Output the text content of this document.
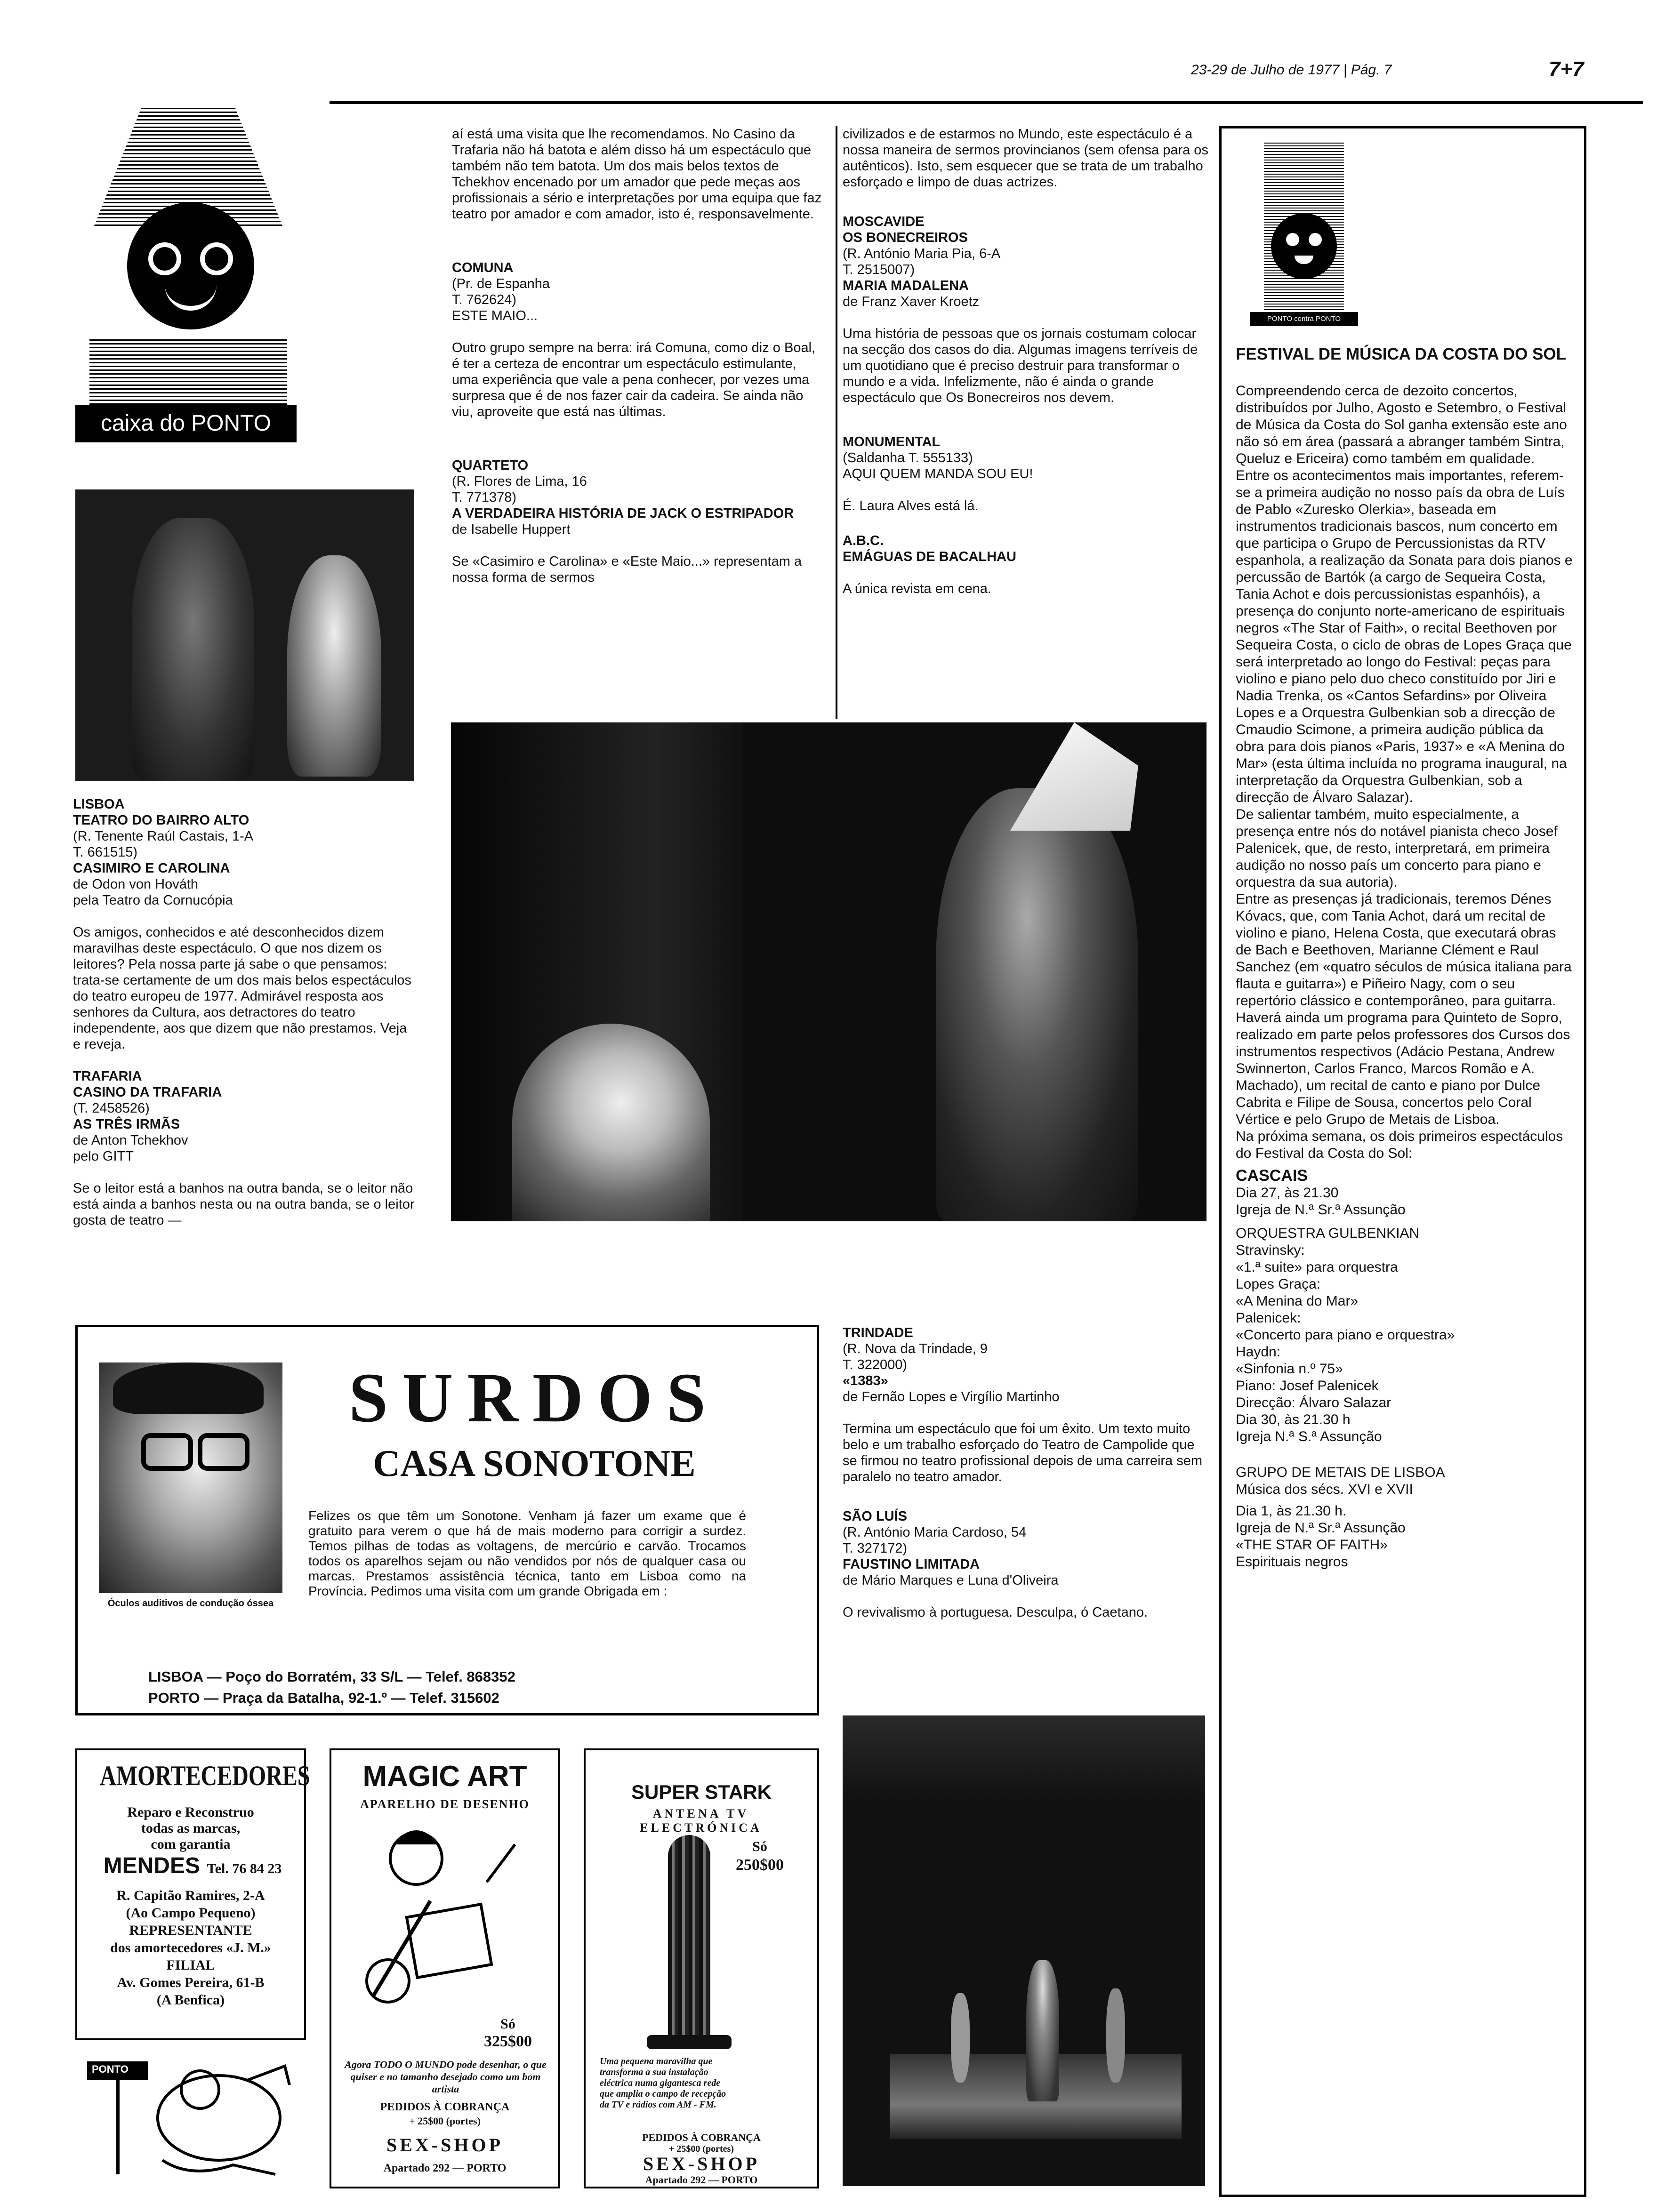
23-29 de Julho de 1977 | Pág. 7	7+7
caixa do PONTO
LISBOA
TEATRO DO BAIRRO ALTO
(R. Tenente Raúl Castais, 1-A
T. 661515)
CASIMIRO E CAROLINA
de Odon von Hováth
pela Teatro da Cornucópia

Os amigos, conhecidos e até desconhecidos dizem maravilhas deste espectáculo. O que nos dizem os leitores? Pela nossa parte já sabe o que pensamos: trata-se certamente de um dos mais belos espectáculos do teatro europeu de 1977. Admirável resposta aos senhores da Cultura, aos detractores do teatro independente, aos que dizem que não prestamos. Veja e reveja.

TRAFARIA
CASINO DA TRAFARIA
(T. 2458526)
AS TRÊS IRMÃS
de Anton Tchekhov
pelo GITT

Se o leitor está a banhos na outra banda, se o leitor não está ainda a banhos nesta ou na outra banda, se o leitor gosta de teatro —

aí está uma visita que lhe recomendamos. No Casino da Trafaria não há batota e além disso há um espectáculo que também não tem batota. Um dos mais belos textos de Tchekhov encenado por um amador que pede meças aos profissionais a sério e interpretações por uma equipa que faz teatro por amador e com amador, isto é, responsavelmente.

COMUNA
(Pr. de Espanha
T. 762624)
ESTE MAIO...

Outro grupo sempre na berra: irá Comuna, como diz o Boal, é ter a certeza de encontrar um espectáculo estimulante, uma experiência que vale a pena conhecer, por vezes uma surpresa que é de nos fazer cair da cadeira. Se ainda não viu, aproveite que está nas últimas.

QUARTETO
(R. Flores de Lima, 16
T. 771378)
A VERDADEIRA HISTÓRIA DE JACK O ESTRIPADOR
de Isabelle Huppert

Se «Casimiro e Carolina» e «Este Maio...» representam a nossa forma de sermos

civilizados e de estarmos no Mundo, este espectáculo é a nossa maneira de sermos provincianos (sem ofensa para os autênticos). Isto, sem esquecer que se trata de um trabalho esforçado e limpo de duas actrizes.

MOSCAVIDE
OS BONECREIROS
(R. António Maria Pia, 6-A
T. 2515007)
MARIA MADALENA
de Franz Xaver Kroetz

Uma história de pessoas que os jornais costumam colocar na secção dos casos do dia. Algumas imagens terríveis de um quotidiano que é preciso destruir para transformar o mundo e a vida. Infelizmente, não é ainda o grande espectáculo que Os Bonecreiros nos devem.

MONUMENTAL
(Saldanha T. 555133)
AQUI QUEM MANDA SOU EU!

É. Laura Alves está lá.

A.B.C.
EMÁGUAS DE BACALHAU

A única revista em cena.

TRINDADE
(R. Nova da Trindade, 9
T. 322000)
«1383»
de Fernão Lopes e Virgílio Martinho

Termina um espectáculo que foi um êxito. Um texto muito belo e um trabalho esforçado do Teatro de Campolide que se firmou no teatro profissional depois de uma carreira sem paralelo no teatro amador.

SÃO LUÍS
(R. António Maria Cardoso, 54
T. 327172)
FAUSTINO LIMITADA
de Mário Marques e Luna d'Oliveira

O revivalismo à portuguesa. Desculpa, ó Caetano.

PONTO contra PONTO
FESTIVAL DE MÚSICA DA COSTA DO SOL
Compreendendo cerca de dezoito concertos, distribuídos por Julho, Agosto e Setembro, o Festival de Música da Costa do Sol ganha extensão este ano não só em área (passará a abranger também Sintra, Queluz e Ericeira) como também em qualidade.
Entre os acontecimentos mais importantes, referem-se a primeira audição no nosso país da obra de Luís de Pablo «Zuresko Olerkia», baseada em instrumentos tradicionais bascos, num concerto em que participa o Grupo de Percussionistas da RTV espanhola, a realização da Sonata para dois pianos e percussão de Bartók (a cargo de Sequeira Costa, Tania Achot e dois percussionistas espanhóis), a presença do conjunto norte-americano de espirituais negros «The Star of Faith», o recital Beethoven por Sequeira Costa, o ciclo de obras de Lopes Graça que será interpretado ao longo do Festival: peças para violino e piano pelo duo checo constituído por Jiri e Nadia Trenka, os «Cantos Sefardins» por Oliveira Lopes e a Orquestra Gulbenkian sob a direcção de Cmaudio Scimone, a primeira audição pública da obra para dois pianos «Paris, 1937» e «A Menina do Mar» (esta última incluída no programa inaugural, na interpretação da Orquestra Gulbenkian, sob a direcção de Álvaro Salazar).
De salientar também, muito especialmente, a presença entre nós do notável pianista checo Josef Palenicek, que, de resto, interpretará, em primeira audição no nosso país um concerto para piano e orquestra da sua autoria).
Entre as presenças já tradicionais, teremos Dénes Kóvacs, que, com Tania Achot, dará um recital de violino e piano, Helena Costa, que executará obras de Bach e Beethoven, Marianne Clément e Raul Sanchez (em «quatro séculos de música italiana para flauta e guitarra») e Piñeiro Nagy, com o seu repertório clássico e contemporâneo, para guitarra.
Haverá ainda um programa para Quinteto de Sopro, realizado em parte pelos professores dos Cursos dos instrumentos respectivos (Adácio Pestana, Andrew Swinnerton, Carlos Franco, Marcos Romão e A. Machado), um recital de canto e piano por Dulce Cabrita e Filipe de Sousa, concertos pelo Coral Vértice e pelo Grupo de Metais de Lisboa.
Na próxima semana, os dois primeiros espectáculos do Festival da Costa do Sol:
CASCAIS
Dia 27, às 21.30
Igreja de N.ª Sr.ª Assunção
ORQUESTRA GULBENKIAN
Stravinsky:
«1.ª suite» para orquestra
Lopes Graça:
«A Menina do Mar»
Palenicek:
«Concerto para piano e orquestra»
Haydn:
«Sinfonia n.º 75»
Piano: Josef Palenicek
Direcção: Álvaro Salazar
Dia 30, às 21.30 h
Igreja N.ª S.ª Assunção
GRUPO DE METAIS DE LISBOA
Música dos sécs. XVI e XVII
Dia 1, às 21.30 h.
Igreja de N.ª Sr.ª Assunção
«THE STAR OF FAITH»
Espirituais negros
Óculos auditivos de condução óssea
SURDOS
CASA SONOTONE
Felizes os que têm um Sonotone. Venham já fazer um exame que é gratuito para verem o que há de mais moderno para corrigir a surdez. Temos pilhas de todas as voltagens, de mercúrio e carvão. Trocamos todos os aparelhos sejam ou não vendidos por nós de qualquer casa ou marcas. Prestamos assistência técnica, tanto em Lisboa como na Província. Pedimos uma visita com um grande Obrigada em :
LISBOA — Poço do Borratém, 33 S/L — Telef. 868352
PORTO — Praça da Batalha, 92-1.º — Telef. 315602
AMORTECEDORES
Reparo e Reconstruo
todas as marcas,
com garantia
MENDES Tel. 76 84 23
R. Capitão Ramires, 2-A
(Ao Campo Pequeno)
REPRESENTANTE
dos amortecedores «J. M.»
FILIAL
Av. Gomes Pereira, 61-B
(A Benfica)
PONTO
MAGIC ART
APARELHO DE DESENHO
Só
325$00
Agora TODO O MUNDO pode desenhar, o que quiser e no tamanho desejado como um bom artista
PEDIDOS À COBRANÇA
+ 25$00 (portes)
SEX-SHOP
Apartado 292 — PORTO
SUPER STARK
ANTENA TV ELECTRÓNICA
Só
250$00
Uma pequena maravilha que transforma a sua instalação eléctrica numa gigantesca rede que amplia o campo de recepção da TV e rádios com AM - FM.
PEDIDOS À COBRANÇA
+ 25$00 (portes)
SEX-SHOP
Apartado 292 — PORTO
